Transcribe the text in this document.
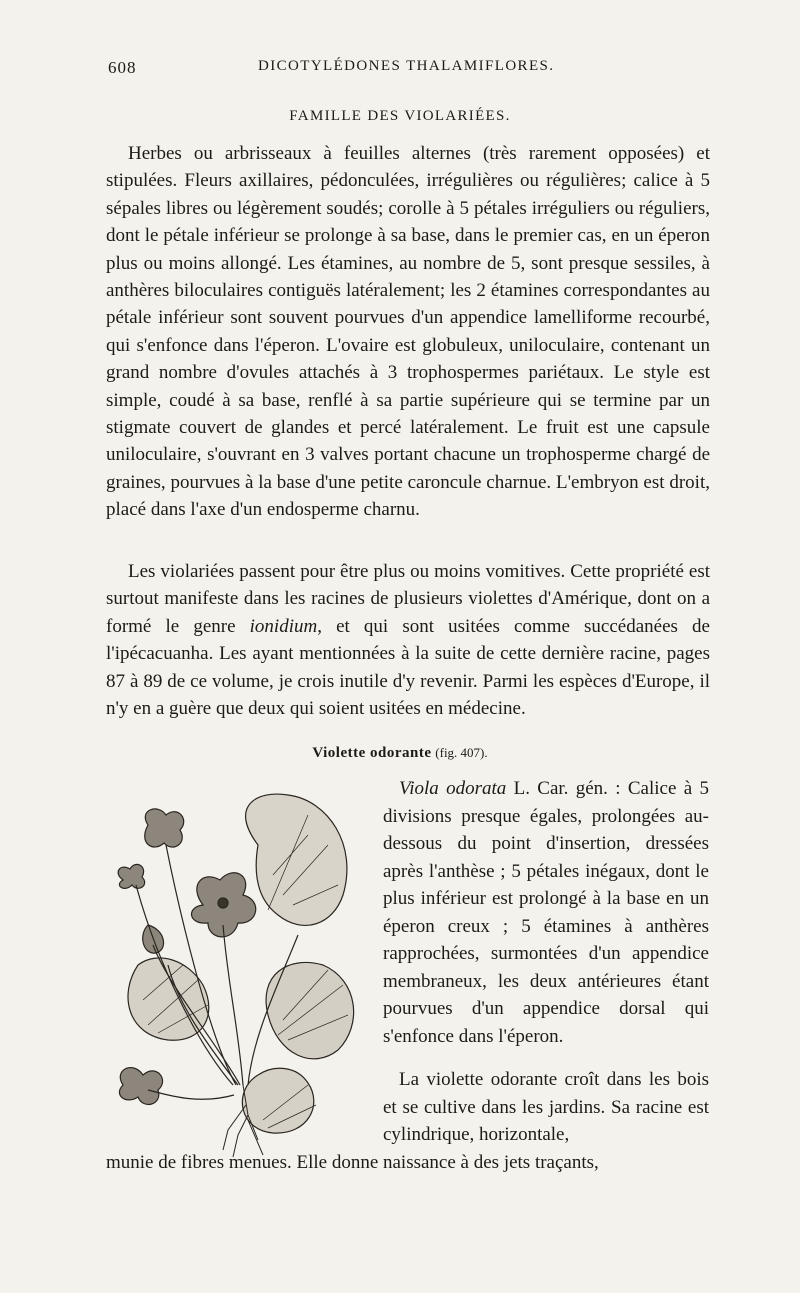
608	DICOTYLÉDONES THALAMIFLORES.
FAMILLE DES VIOLARIÉES.
Herbes ou arbrisseaux à feuilles alternes (très rarement opposées) et stipulées. Fleurs axillaires, pédonculées, irrégulières ou régulières; calice à 5 sépales libres ou légèrement soudés; corolle à 5 pétales irréguliers ou réguliers, dont le pétale inférieur se prolonge à sa base, dans le premier cas, en un éperon plus ou moins allongé. Les étamines, au nombre de 5, sont presque sessiles, à anthères biloculaires contiguës latéralement; les 2 étamines correspondantes au pétale inférieur sont souvent pourvues d'un appendice lamelliforme recourbé, qui s'enfonce dans l'éperon. L'ovaire est globuleux, uniloculaire, contenant un grand nombre d'ovules attachés à 3 trophospermes pariétaux. Le style est simple, coudé à sa base, renflé à sa partie supérieure qui se termine par un stigmate couvert de glandes et percé latéralement. Le fruit est une capsule uniloculaire, s'ouvrant en 3 valves portant chacune un trophosperme chargé de graines, pourvues à la base d'une petite caroncule charnue. L'embryon est droit, placé dans l'axe d'un endosperme charnu.
Les violariées passent pour être plus ou moins vomitives. Cette propriété est surtout manifeste dans les racines de plusieurs violettes d'Amérique, dont on a formé le genre ionidium, et qui sont usitées comme succédanées de l'ipécacuanha. Les ayant mentionnées à la suite de cette dernière racine, pages 87 à 89 de ce volume, je crois inutile d'y revenir. Parmi les espèces d'Europe, il n'y en a guère que deux qui soient usitées en médecine.
Violette odorante (fig. 407).
Viola odorata L. Car. gén. : Calice à 5 divisions presque égales, prolongées au-dessous du point d'insertion, dressées après l'anthèse ; 5 pétales inégaux, dont le plus inférieur est prolongé à la base en un éperon creux ; 5 étamines à anthères rapprochées, surmontées d'un appendice membraneux, les deux antérieures étant pourvues d'un appendice dorsal qui s'enfonce dans l'éperon.
La violette odorante croît dans les bois et se cultive dans les jardins. Sa racine est cylindrique, horizontale,
munie de fibres menues. Elle donne naissance à des jets traçants,
